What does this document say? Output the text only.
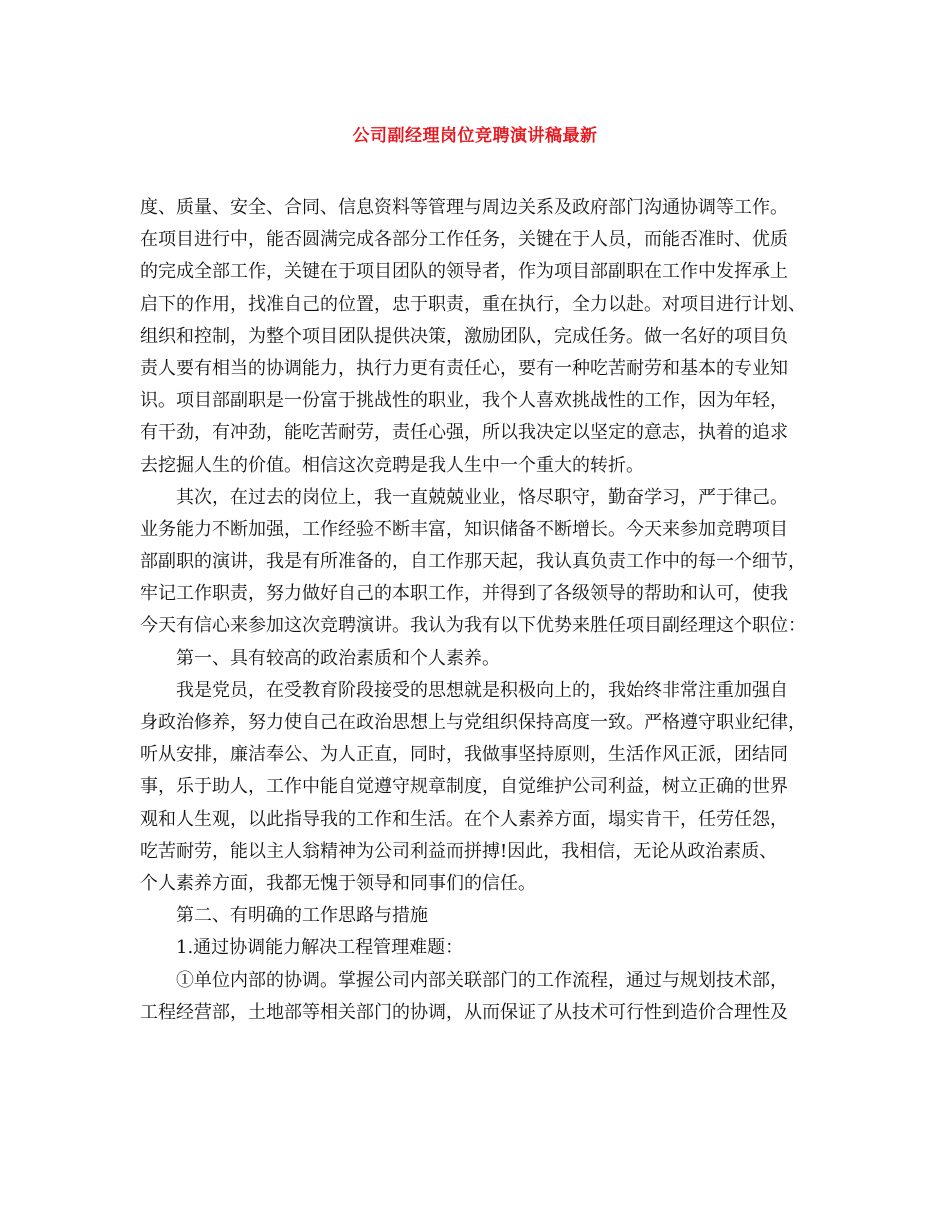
公司副经理岗位竞聘演讲稿最新
度、质量、安全、合同、信息资料等管理与周边关系及政府部门沟通协调等工作。
在项目进行中，能否圆满完成各部分工作任务，关键在于人员，而能否准时、优质
的完成全部工作，关键在于项目团队的领导者，作为项目部副职在工作中发挥承上
启下的作用，找准自己的位置，忠于职责，重在执行，全力以赴。对项目进行计划、
组织和控制，为整个项目团队提供决策，激励团队，完成任务。做一名好的项目负
责人要有相当的协调能力，执行力更有责任心，要有一种吃苦耐劳和基本的专业知
识。项目部副职是一份富于挑战性的职业，我个人喜欢挑战性的工作，因为年轻，
有干劲，有冲劲，能吃苦耐劳，责任心强，所以我决定以坚定的意志，执着的追求
去挖掘人生的价值。相信这次竞聘是我人生中一个重大的转折。
其次，在过去的岗位上，我一直兢兢业业，恪尽职守，勤奋学习，严于律己。
业务能力不断加强，工作经验不断丰富，知识储备不断增长。今天来参加竞聘项目
部副职的演讲，我是有所准备的，自工作那天起，我认真负责工作中的每一个细节，
牢记工作职责，努力做好自己的本职工作，并得到了各级领导的帮助和认可，使我
今天有信心来参加这次竞聘演讲。我认为我有以下优势来胜任项目副经理这个职位：
第一、具有较高的政治素质和个人素养。
我是党员，在受教育阶段接受的思想就是积极向上的，我始终非常注重加强自
身政治修养，努力使自己在政治思想上与党组织保持高度一致。严格遵守职业纪律，
听从安排，廉洁奉公、为人正直，同时，我做事坚持原则，生活作风正派，团结同
事，乐于助人，工作中能自觉遵守规章制度，自觉维护公司利益，树立正确的世界
观和人生观，以此指导我的工作和生活。在个人素养方面，塌实肯干，任劳任怨，
吃苦耐劳，能以主人翁精神为公司利益而拼搏!因此，我相信，无论从政治素质、
个人素养方面，我都无愧于领导和同事们的信任。
第二、有明确的工作思路与措施
1.通过协调能力解决工程管理难题：
①单位内部的协调。掌握公司内部关联部门的工作流程，通过与规划技术部，
工程经营部，土地部等相关部门的协调，从而保证了从技术可行性到造价合理性及
